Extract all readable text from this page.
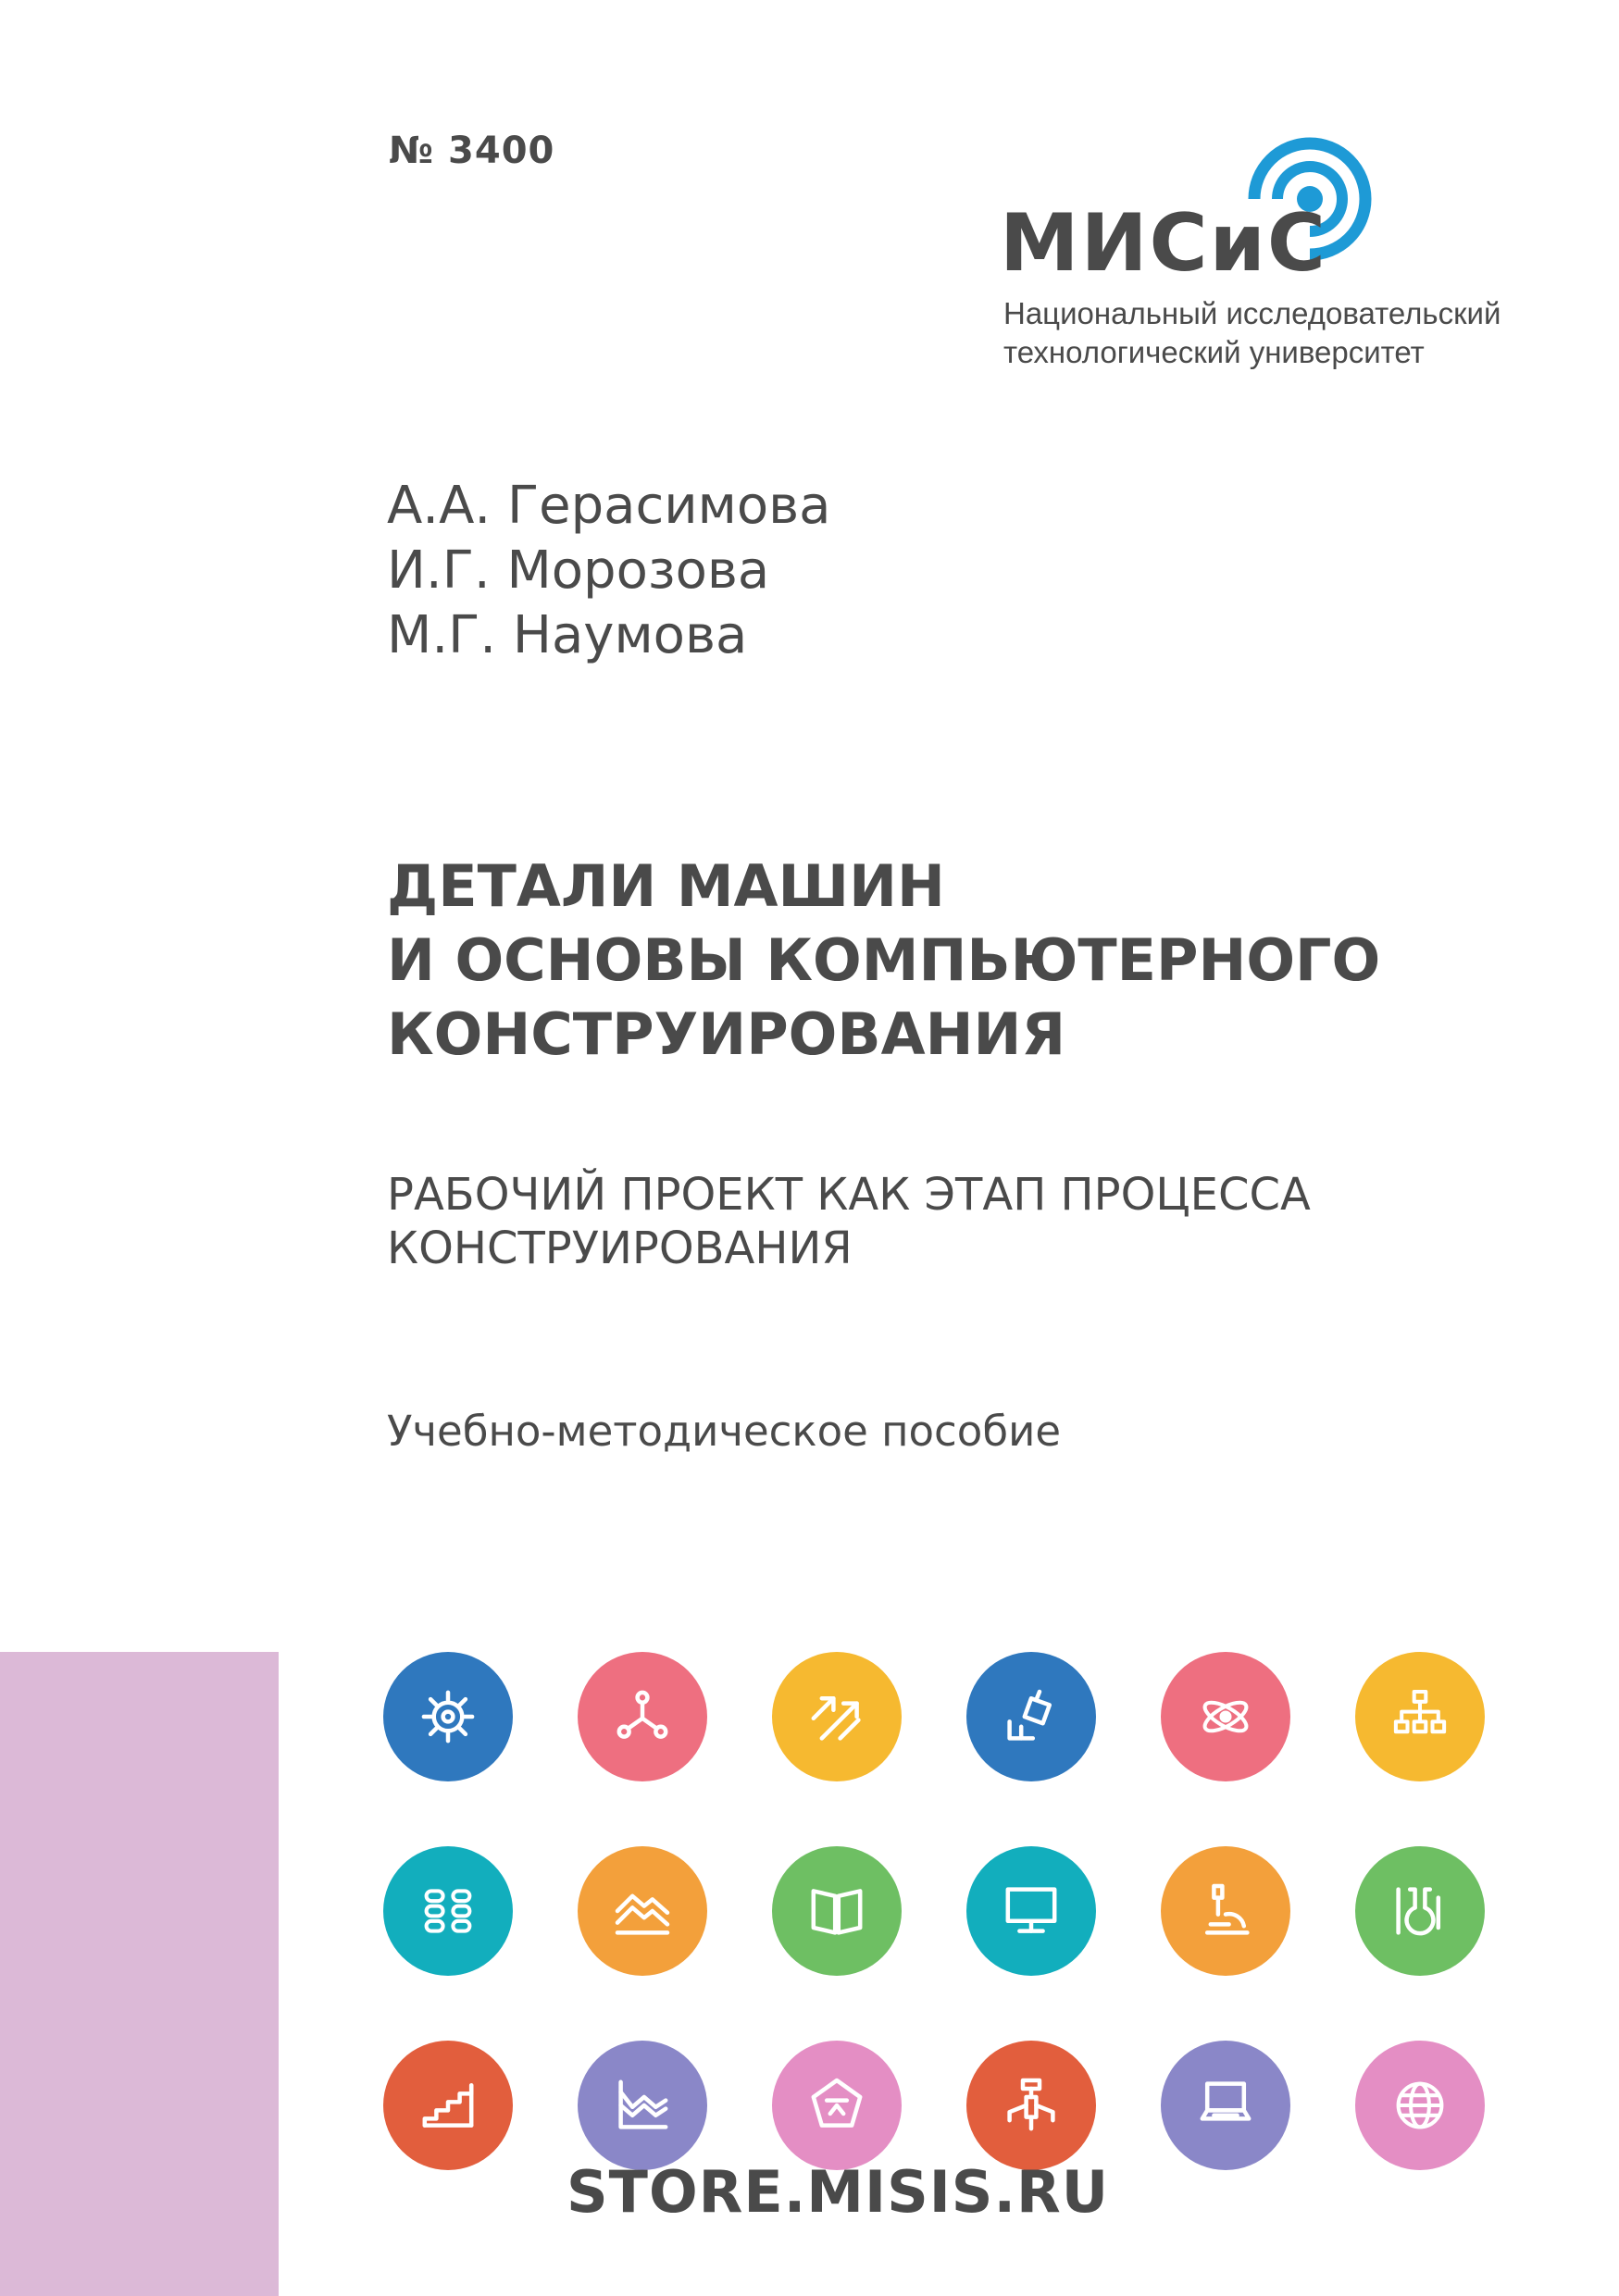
№ 3400
МИСиС
Национальный исследовательский
технологический университет
А.А. Герасимова
И.Г. Морозова
М.Г. Наумова
ДЕТАЛИ МАШИН
И ОСНОВЫ КОМПЬЮТЕРНОГО
КОНСТРУИРОВАНИЯ
РАБОЧИЙ ПРОЕКТ КАК ЭТАП ПРОЦЕССА
КОНСТРУИРОВАНИЯ
Учебно-методическое пособие
STORE.MISIS.RU
